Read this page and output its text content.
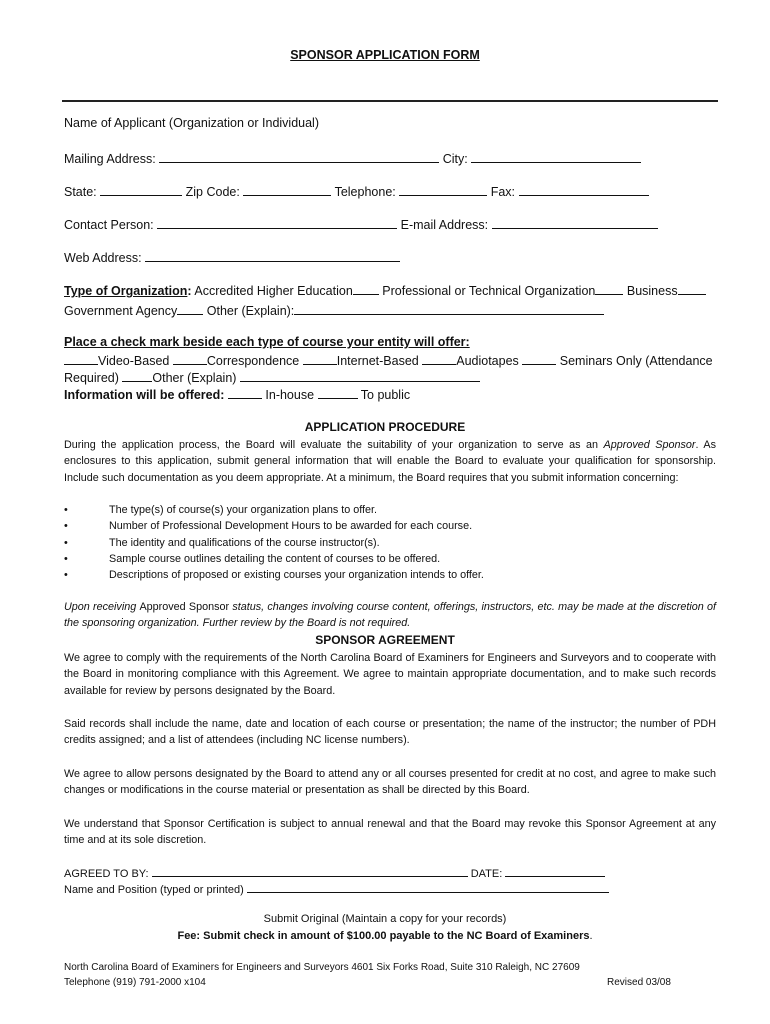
SPONSOR APPLICATION FORM
Name of Applicant (Organization or Individual)
Mailing Address:	City:
State:	Zip Code:	Telephone:	Fax:
Contact Person:	E-mail Address:
Web Address:
Type of Organization: Accredited Higher Education Professional or Technical Organization	Business
Government Agency Other (Explain):
Place a check mark beside each type of course your entity will offer:
Video-Based	Correspondence	Internet-Based	Audiotapes	Seminars Only (Attendance
Required)	Other (Explain)
Information will be offered:	In-house	To public
APPLICATION PROCEDURE
During the application process, the Board will evaluate the suitability of your organization to serve as an Approved Sponsor. As enclosures to this application, submit general information that will enable the Board to evaluate your qualification for sponsorship. Include such documentation as you deem appropriate. At a minimum, the Board requires that you submit information concerning:
•	The type(s) of course(s) your organization plans to offer.
•	Number of Professional Development Hours to be awarded for each course.
•	The identity and qualifications of the course instructor(s).
•	Sample course outlines detailing the content of courses to be offered.
•	Descriptions of proposed or existing courses your organization intends to offer.
Upon receiving Approved Sponsor status, changes involving course content, offerings, instructors, etc. may be made at the discretion of the sponsoring organization. Further review by the Board is not required.
SPONSOR AGREEMENT
We agree to comply with the requirements of the North Carolina Board of Examiners for Engineers and Surveyors and to cooperate with the Board in monitoring compliance with this Agreement. We agree to maintain appropriate documentation, and to make such records available for review by persons designated by the Board.
Said records shall include the name, date and location of each course or presentation; the name of the instructor; the number of PDH credits assigned; and a list of attendees (including NC license numbers).
We agree to allow persons designated by the Board to attend any or all courses presented for credit at no cost, and agree to make such changes or modifications in the course material or presentation as shall be directed by this Board.
We understand that Sponsor Certification is subject to annual renewal and that the Board may revoke this Sponsor Agreement at any time and at its sole discretion.
AGREED TO BY:	DATE:
Name and Position (typed or printed)
Submit Original (Maintain a copy for your records)
Fee: Submit check in amount of $100.00 payable to the NC Board of Examiners.
North Carolina Board of Examiners for Engineers and Surveyors 4601 Six Forks Road, Suite 310 Raleigh, NC 27609
Telephone (919) 791-2000 x104	Revised 03/08
